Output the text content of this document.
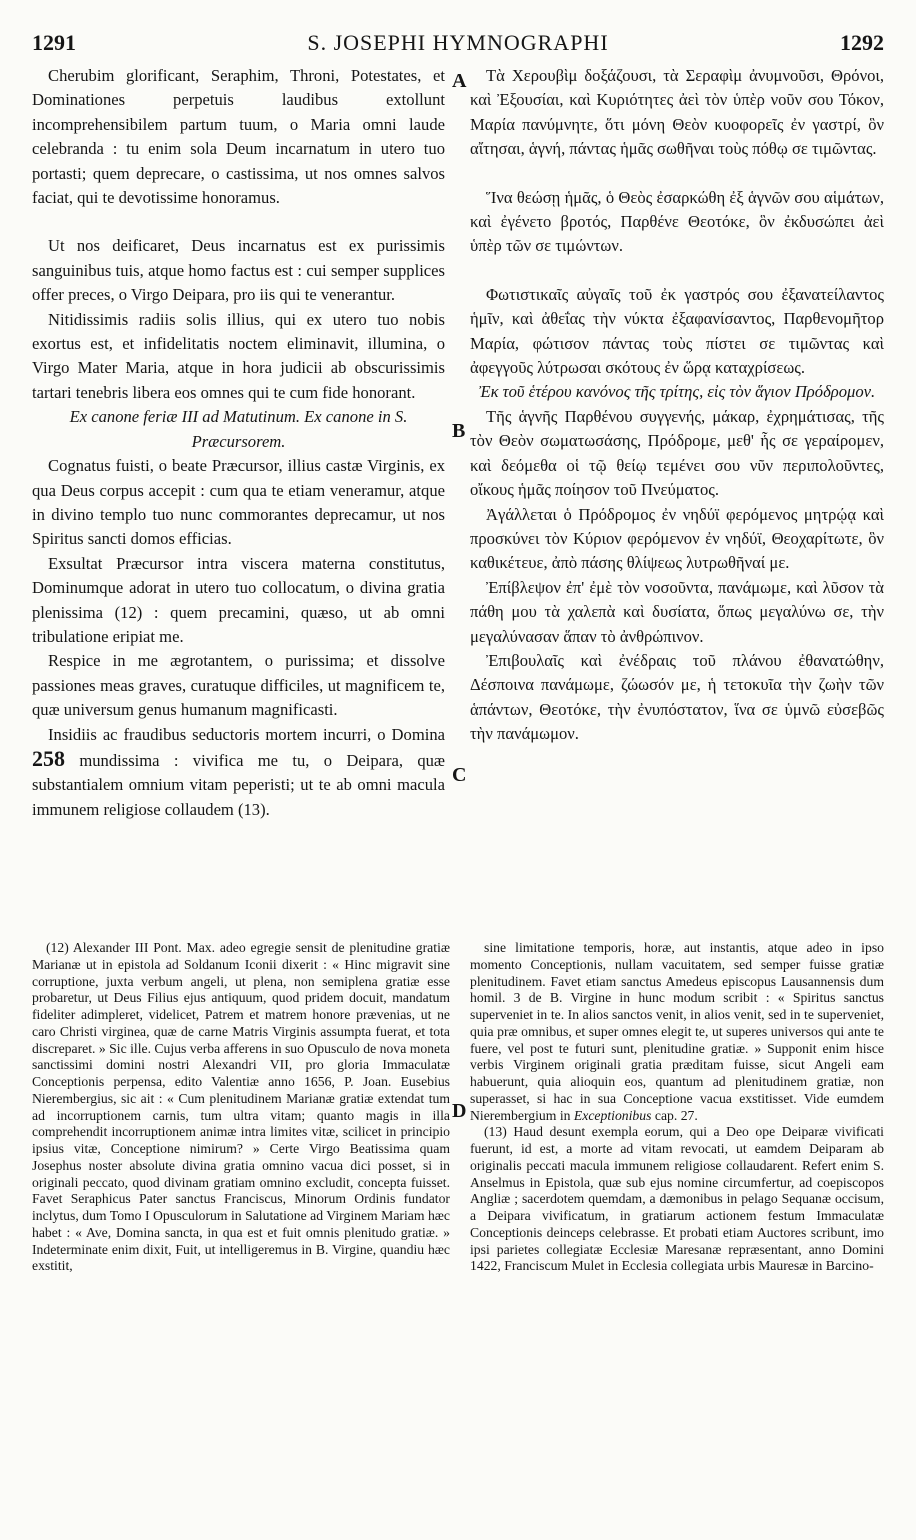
1291	S. JOSEPHI HYMNOGRAPHI	1292
A
B
C
D

Cherubim glorificant, Seraphim, Throni, Potestates, et Dominationes perpetuis laudibus extollunt incomprehensibilem partum tuum, o Maria omni laude celebranda : tu enim sola Deum incarnatum in utero tuo portasti; quem deprecare, o castissima, ut nos omnes salvos faciat, qui te devotissime honoramus.

Ut nos deificaret, Deus incarnatus est ex purissimis sanguinibus tuis, atque homo factus est : cui semper supplices offer preces, o Virgo Deipara, pro iis qui te venerantur.

Nitidissimis radiis solis illius, qui ex utero tuo nobis exortus est, et infidelitatis noctem eliminavit, illumina, o Virgo Mater Maria, atque in hora judicii ab obscurissimis tartari tenebris libera eos omnes qui te cum fide honorant.

Ex canone feriæ III ad Matutinum. Ex canone in S. Præcursorem.

Cognatus fuisti, o beate Præcursor, illius castæ Virginis, ex qua Deus corpus accepit : cum qua te etiam veneramur, atque in divino templo tuo nunc commorantes deprecamur, ut nos Spiritus sancti domos efficias.

Exsultat Præcursor intra viscera materna constitutus, Dominumque adorat in utero tuo collocatum, o divina gratia plenissima (12) : quem precamini, quæso, ut ab omni tribulatione eripiat me.

Respice in me ægrotantem, o purissima; et dissolve passiones meas graves, curatuque difficiles, ut magnificem te, quæ universum genus humanum magnificasti.

Insidiis ac fraudibus seductoris mortem incurri, o Domina 258 mundissima : vivifica me tu, o Deipara, quæ substantialem omnium vitam peperisti; ut te ab omni macula immunem religiose collaudem (13).

Τὰ Χερουβὶμ δοξάζουσι, τὰ Σεραφὶμ ἀνυμνοῦσι, Θρόνοι, καὶ Ἐξουσίαι, καὶ Κυριότητες ἀεὶ τὸν ὑπὲρ νοῦν σου Τόκον, Μαρία πανύμνητε, ὅτι μόνη Θεὸν κυοφορεῖς ἐν γαστρί, ὃν αἴτησαι, ἁγνή, πάντας ἡμᾶς σωθῆναι τοὺς πόθῳ σε τιμῶντας.

Ἵνα θεώσῃ ἡμᾶς, ὁ Θεὸς ἐσαρκώθη ἐξ ἁγνῶν σου αἱμάτων, καὶ ἐγένετο βροτός, Παρθένε Θεοτόκε, ὃν ἐκδυσώπει ἀεὶ ὑπὲρ τῶν σε τιμώντων.

Φωτιστικαῖς αὐγαῖς τοῦ ἐκ γαστρός σου ἐξανατείλαντος ἡμῖν, καὶ ἀθεΐας τὴν νύκτα ἐξαφανίσαντος, Παρθενομῆτορ Μαρία, φώτισον πάντας τοὺς πίστει σε τιμῶντας καὶ ἀφεγγοῦς λύτρωσαι σκότους ἐν ὥρᾳ καταχρίσεως.

Ἐκ τοῦ ἑτέρου κανόνος τῆς τρίτης, εἰς τὸν ἅγιον Πρόδρομον.

Τῆς ἁγνῆς Παρθένου συγγενής, μάκαρ, ἐχρημάτισας, τῆς τὸν Θεὸν σωματωσάσης, Πρόδρομε, μεθ' ἧς σε γεραίρομεν, καὶ δεόμεθα οἱ τῷ θείῳ τεμένει σου νῦν περιπολοῦντες, οἴκους ἡμᾶς ποίησον τοῦ Πνεύματος.

Ἀγάλλεται ὁ Πρόδρομος ἐν νηδύϊ φερόμενος μητρῴᾳ καὶ προσκύνει τὸν Κύριον φερόμενον ἐν νηδύϊ, Θεοχαρίτωτε, ὃν καθικέτευε, ἀπὸ πάσης θλίψεως λυτρωθῆναί με.

Ἐπίβλεψον ἐπ' ἐμὲ τὸν νοσοῦντα, πανάμωμε, καὶ λῦσον τὰ πάθη μου τὰ χαλεπὰ καὶ δυσίατα, ὅπως μεγαλύνω σε, τὴν μεγαλύνασαν ἅπαν τὸ ἀνθρώπινον.

Ἐπιβουλαῖς καὶ ἐνέδραις τοῦ πλάνου ἐθανατώθην, Δέσποινα πανάμωμε, ζώωσόν με, ἡ τετοκυῖα τὴν ζωὴν τῶν ἁπάντων, Θεοτόκε, τὴν ἐνυπόστατον, ἵνα σε ὑμνῶ εὐσεβῶς τὴν πανάμωμον.

(12) Alexander III Pont. Max. adeo egregie sensit de plenitudine gratiæ Marianæ ut in epistola ad Soldanum Iconii dixerit : « Hinc migravit sine corruptione, juxta verbum angeli, ut plena, non semiplena gratiæ esse probaretur, ut Deus Filius ejus antiquum, quod pridem docuit, mandatum fideliter adimpleret, videlicet, Patrem et matrem honore prævenias, ut ne caro Christi virginea, quæ de carne Matris Virginis assumpta fuerat, et tota discreparet. » Sic ille. Cujus verba afferens in suo Opusculo de nova moneta sanctissimi domini nostri Alexandri VII, pro gloria Immaculatæ Conceptionis perpensa, edito Valentiæ anno 1656, P. Joan. Eusebius Nierembergius, sic ait : « Cum plenitudinem Marianæ gratiæ extendat tum ad incorruptionem carnis, tum ultra vitam; quanto magis in illa comprehendit incorruptionem animæ intra limites vitæ, scilicet in principio ipsius vitæ, Conceptione nimirum? » Certe Virgo Beatissima quam Josephus noster absolute divina gratia omnino vacua dici posset, si in originali peccato, quod divinam gratiam omnino excludit, concepta fuisset. Favet Seraphicus Pater sanctus Franciscus, Minorum Ordinis fundator inclytus, dum Tomo I Opusculorum in Salutatione ad Virginem Mariam hæc habet : « Ave, Domina sancta, in qua est et fuit omnis plenitudo gratiæ. » Indeterminate enim dixit, Fuit, ut intelligeremus in B. Virgine, quandiu hæc exstitit,

sine limitatione temporis, horæ, aut instantis, atque adeo in ipso momento Conceptionis, nullam vacuitatem, sed semper fuisse gratiæ plenitudinem. Favet etiam sanctus Amedeus episcopus Lausannensis dum homil. 3 de B. Virgine in hunc modum scribit : « Spiritus sanctus superveniet in te. In alios sanctos venit, in alios venit, sed in te superveniet, quia præ omnibus, et super omnes elegit te, ut superes universos qui ante te fuere, vel post te futuri sunt, plenitudine gratiæ. » Supponit enim hisce verbis Virginem originali gratia præditam fuisse, sicut Angeli eam habuerunt, quia alioquin eos, quantum ad plenitudinem gratiæ, non superasset, si hac in sua Conceptione vacua exstitisset. Vide eumdem Nierembergium in Exceptionibus cap. 27.

(13) Haud desunt exempla eorum, qui a Deo ope Deiparæ vivificati fuerunt, id est, a morte ad vitam revocati, ut eamdem Deiparam ab originalis peccati macula immunem religiose collaudarent. Refert enim S. Anselmus in Epistola, quæ sub ejus nomine circumfertur, ad coepiscopos Angliæ ; sacerdotem quemdam, a dæmonibus in pelago Sequanæ occisum, a Deipara vivificatum, in gratiarum actionem festum Immaculatæ Conceptionis deinceps celebrasse. Et probati etiam Auctores scribunt, imo ipsi parietes collegiatæ Ecclesiæ Maresanæ repræsentant, anno Domini 1422, Franciscum Mulet in Ecclesia collegiata urbis Mauresæ in Barcino-
